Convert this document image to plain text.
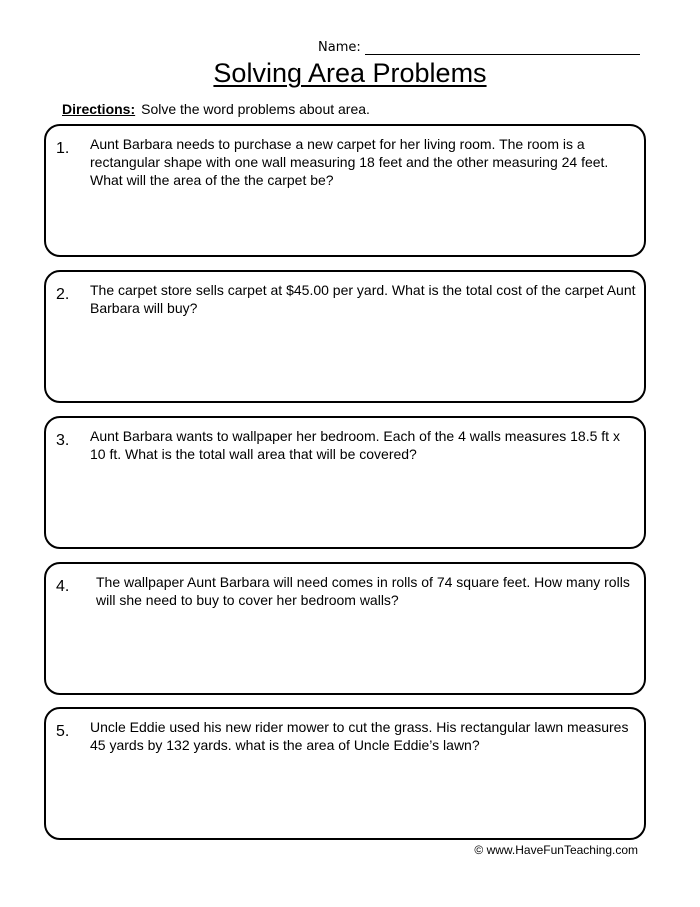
Name:
Solving Area Problems
Directions: Solve the word problems about area.
1. Aunt Barbara needs to purchase a new carpet for her living room. The room is a rectangular shape with one wall measuring 18 feet and the other measuring 24 feet. What will the area of the the carpet be?
2. The carpet store sells carpet at $45.00 per yard. What is the total cost of the carpet Aunt Barbara will buy?
3. Aunt Barbara wants to wallpaper her bedroom. Each of the 4 walls measures 18.5 ft x 10 ft. What is the total wall area that will be covered?
4. The wallpaper Aunt Barbara will need comes in rolls of 74 square feet. How many rolls will she need to buy to cover her bedroom walls?
5. Uncle Eddie used his new rider mower to cut the grass. His rectangular lawn measures 45 yards by 132 yards. what is the area of Uncle Eddie’s lawn?
© www.HaveFunTeaching.com
